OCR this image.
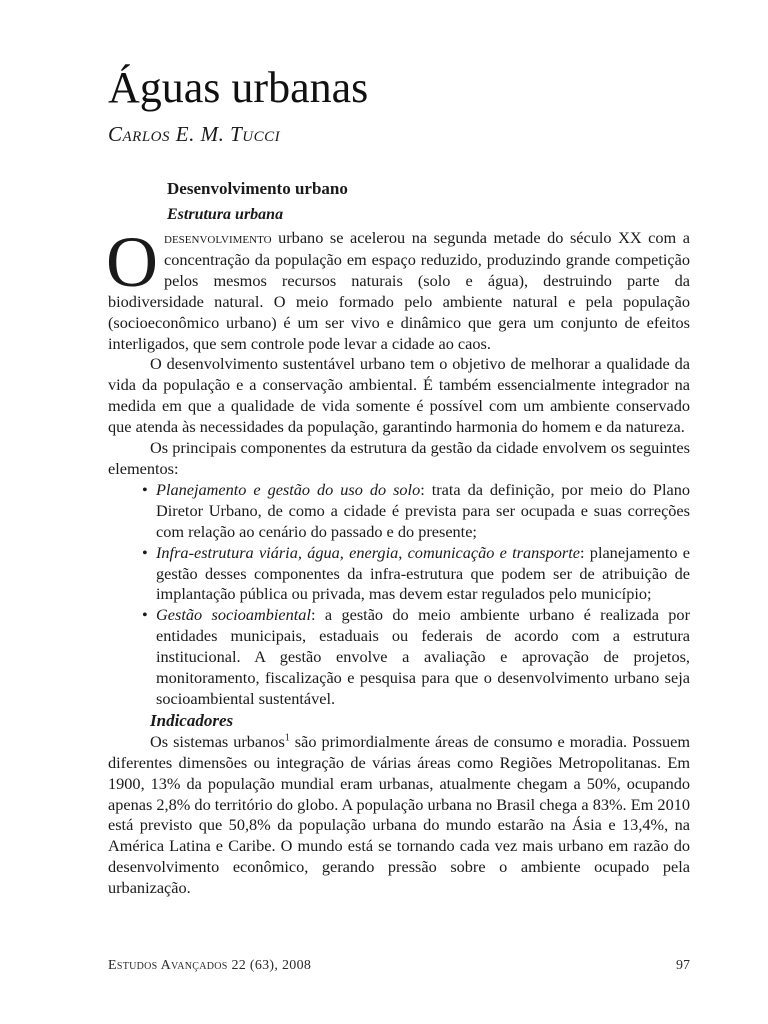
Águas urbanas
Carlos E. M. Tucci
Desenvolvimento urbano
Estrutura urbana

Odesenvolvimento urbano se acelerou na segunda metade do século XX com a concentração da população em espaço reduzido, produzindo grande competição pelos mesmos recursos naturais (solo e água), destruindo parte da biodiversidade natural. O meio formado pelo ambiente natural e pela população (socioeconômico urbano) é um ser vivo e dinâmico que gera um conjunto de efeitos interligados, que sem controle pode levar a cidade ao caos.

O desenvolvimento sustentável urbano tem o objetivo de melhorar a qualidade da vida da população e a conservação ambiental. É também essencialmente integrador na medida em que a qualidade de vida somente é possível com um ambiente conservado que atenda às necessidades da população, garantindo harmonia do homem e da natureza.

Os principais componentes da estrutura da gestão da cidade envolvem os seguintes elementos:

• Planejamento e gestão do uso do solo: trata da definição, por meio do Plano Diretor Urbano, de como a cidade é prevista para ser ocupada e suas correções com relação ao cenário do passado e do presente;
• Infra-estrutura viária, água, energia, comunicação e transporte: planejamento e gestão desses componentes da infra-estrutura que podem ser de atribuição de implantação pública ou privada, mas devem estar regulados pelo município;
• Gestão socioambiental: a gestão do meio ambiente urbano é realizada por entidades municipais, estaduais ou federais de acordo com a estrutura institucional. A gestão envolve a avaliação e aprovação de projetos, monitoramento, fiscalização e pesquisa para que o desenvolvimento urbano seja socioambiental sustentável.
Indicadores

Os sistemas urbanos$^1$ são primordialmente áreas de consumo e moradia. Possuem diferentes dimensões ou integração de várias áreas como Regiões Metropolitanas. Em 1900, 13% da população mundial eram urbanas, atualmente chegam a 50%, ocupando apenas 2,8% do território do globo. A população urbana no Brasil chega a 83%. Em 2010 está previsto que 50,8% da população urbana do mundo estarão na Ásia e 13,4%, na América Latina e Caribe. O mundo está se tornando cada vez mais urbano em razão do desenvolvimento econômico, gerando pressão sobre o ambiente ocupado pela urbanização.

Estudos Avançados 22 (63), 2008	97
